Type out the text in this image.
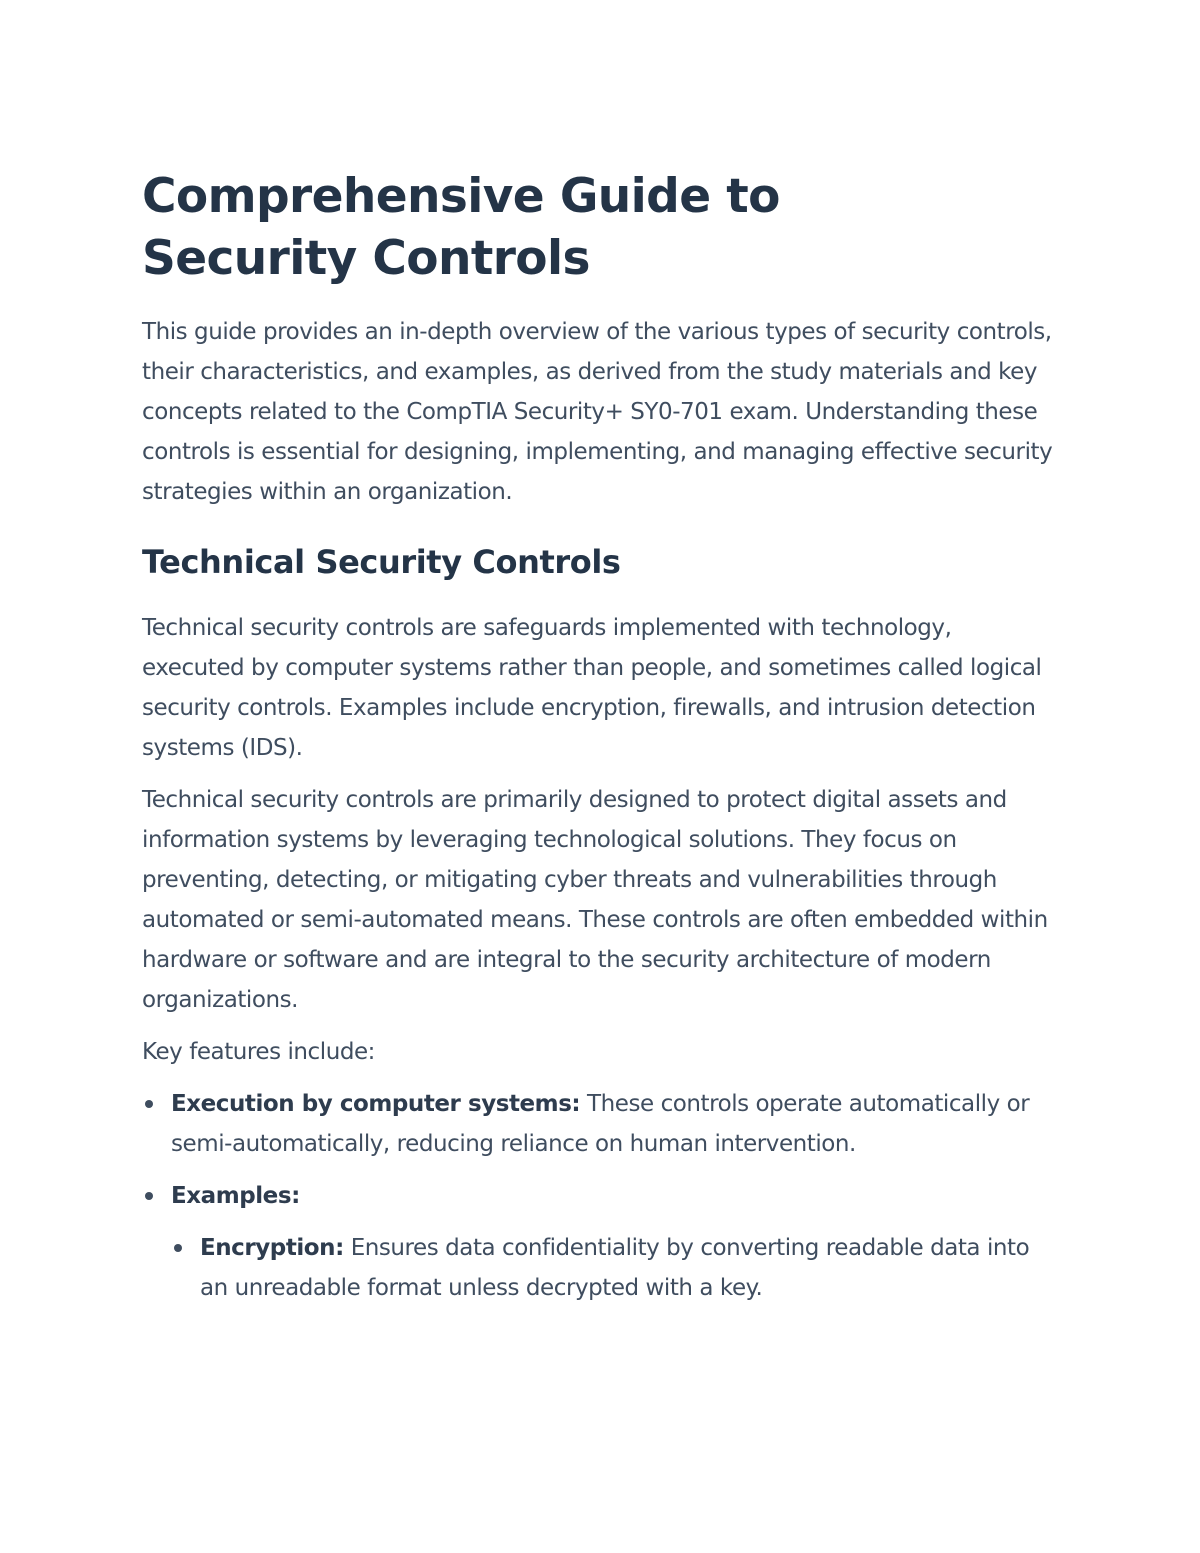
Comprehensive Guide to Security Controls

This guide provides an in-depth overview of the various types of security controls, their characteristics, and examples, as derived from the study materials and key concepts related to the CompTIA Security+ SY0-701 exam. Understanding these controls is essential for designing, implementing, and managing effective security strategies within an organization.

Technical Security Controls

Technical security controls are safeguards implemented with technology, executed by computer systems rather than people, and sometimes called logical security controls. Examples include encryption, firewalls, and intrusion detection systems (IDS).

Technical security controls are primarily designed to protect digital assets and information systems by leveraging technological solutions. They focus on preventing, detecting, or mitigating cyber threats and vulnerabilities through automated or semi-automated means. These controls are often embedded within hardware or software and are integral to the security architecture of modern organizations.

Key features include:

Execution by computer systems: These controls operate automatically or semi-automatically, reducing reliance on human intervention.
Examples:
Encryption: Ensures data confidentiality by converting readable data into an unreadable format unless decrypted with a key.
